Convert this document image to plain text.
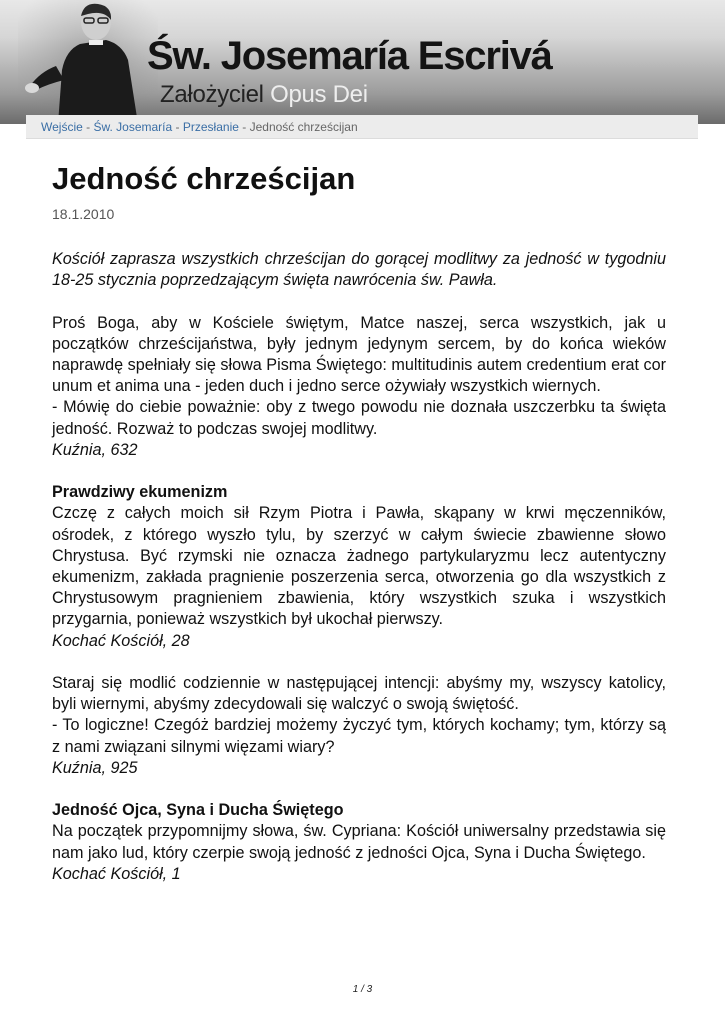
Św. Josemaría Escrivá
Założyciel Opus Dei
Wejście - Św. Josemaría - Przesłanie - Jedność chrześcijan
Jedność chrześcijan
18.1.2010

Kościół zaprasza wszystkich chrześcijan do gorącej modlitwy za jedność w tygodniu 18-25 stycznia poprzedzającym święta nawrócenia św. Pawła.

Proś Boga, aby w Kościele świętym, Matce naszej, serca wszystkich, jak u początków chrześcijaństwa, były jednym jedynym sercem, by do końca wieków naprawdę spełniały się słowa Pisma Świętego: multitudinis autem credentium erat cor unum et anima una - jeden duch i jedno serce ożywiały wszystkich wiernych.
- Mówię do ciebie poważnie: oby z twego powodu nie doznała uszczerbku ta święta jedność. Rozważ to podczas swojej modlitwy.
Kuźnia, 632

Prawdziwy ekumenizm
Czczę z całych moich sił Rzym Piotra i Pawła, skąpany w krwi męczenników, ośrodek, z którego wyszło tylu, by szerzyć w całym świecie zbawienne słowo Chrystusa. Być rzymski nie oznacza żadnego partykularyzmu lecz autentyczny ekumenizm, zakłada pragnienie poszerzenia serca, otworzenia go dla wszystkich z Chrystusowym pragnieniem zbawienia, który wszystkich szuka i wszystkich przygarnia, ponieważ wszystkich był ukochał pierwszy.
Kochać Kościół, 28

Staraj się modlić codziennie w następującej intencji: abyśmy my, wszyscy katolicy, byli wiernymi, abyśmy zdecydowali się walczyć o swoją świętość.
- To logiczne! Czegóż bardziej możemy życzyć tym, których kochamy; tym, którzy są z nami związani silnymi więzami wiary?
Kuźnia, 925

Jedność Ojca, Syna i Ducha Świętego
Na początek przypomnijmy słowa, św. Cypriana: Kościół uniwersalny przedstawia się nam jako lud, który czerpie swoją jedność z jedności Ojca, Syna i Ducha Świętego.
Kochać Kościół, 1

1 / 3
